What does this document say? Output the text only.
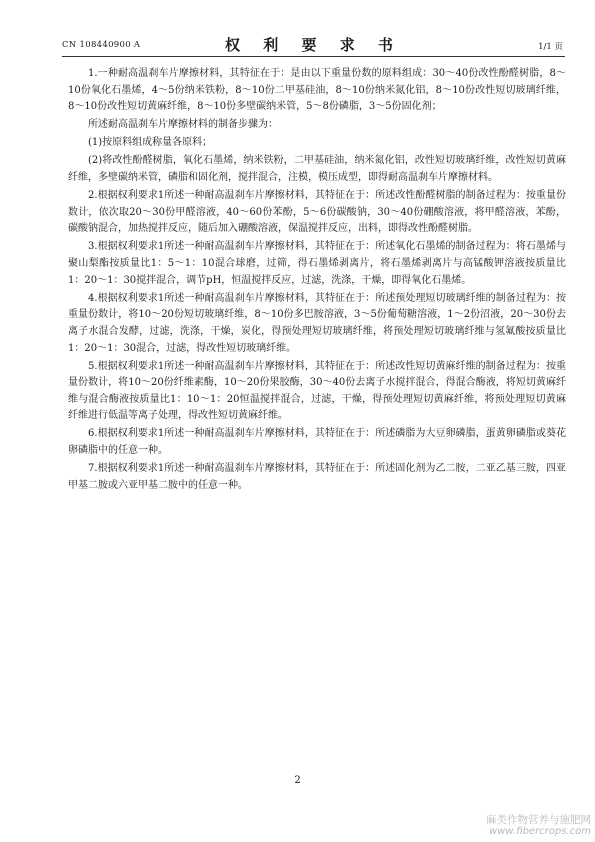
CN 108440900 A	权 利 要 求 书	1/1 页

1.一种耐高温刹车片摩擦材料，其特征在于：是由以下重量份数的原料组成：30～40份改性酚醛树脂，8～10份氧化石墨烯，4～5份纳米铁粉，8～10份二甲基硅油，8～10份纳米氮化铝，8～10份改性短切玻璃纤维，8～10份改性短切黄麻纤维，8～10份多壁碳纳米管，5～8份磷脂，3～5份固化剂；

所述耐高温刹车片摩擦材料的制备步骤为：

(1)按原料组成称量各原料；

(2)将改性酚醛树脂，氧化石墨烯，纳米铁粉，二甲基硅油，纳米氮化铝，改性短切玻璃纤维，改性短切黄麻纤维，多壁碳纳米管，磷脂和固化剂，搅拌混合，注模，模压成型，即得耐高温刹车片摩擦材料。

2.根据权利要求1所述一种耐高温刹车片摩擦材料，其特征在于：所述改性酚醛树脂的制备过程为：按重量份数计，依次取20～30份甲醛溶液，40～60份苯酚，5～6份碳酸钠，30～40份硼酸溶液，将甲醛溶液，苯酚，碳酸钠混合，加热搅拌反应，随后加入硼酸溶液，保温搅拌反应，出料，即得改性酚醛树脂。

3.根据权利要求1所述一种耐高温刹车片摩擦材料，其特征在于：所述氧化石墨烯的制备过程为：将石墨烯与聚山梨酯按质量比1：5～1：10混合球磨，过筛，得石墨烯剥离片，将石墨烯剥离片与高锰酸钾溶液按质量比1：20～1：30搅拌混合，调节pH，恒温搅拌反应，过滤，洗涤，干燥，即得氧化石墨烯。

4.根据权利要求1所述一种耐高温刹车片摩擦材料，其特征在于：所述预处理短切玻璃纤维的制备过程为：按重量份数计，将10～20份短切玻璃纤维，8～10份多巴胺溶液，3～5份葡萄糖溶液，1～2份沼液，20～30份去离子水混合发酵，过滤，洗涤，干燥，炭化，得预处理短切玻璃纤维，将预处理短切玻璃纤维与氢氟酸按质量比1：20～1：30混合，过滤，得改性短切玻璃纤维。

5.根据权利要求1所述一种耐高温刹车片摩擦材料，其特征在于：所述改性短切黄麻纤维的制备过程为：按重量份数计，将10～20份纤维素酶，10～20份果胶酶，30～40份去离子水搅拌混合，得混合酶液，将短切黄麻纤维与混合酶液按质量比1：10～1：20恒温搅拌混合，过滤，干燥，得预处理短切黄麻纤维，将预处理短切黄麻纤维进行低温等离子处理，得改性短切黄麻纤维。

6.根据权利要求1所述一种耐高温刹车片摩擦材料，其特征在于：所述磷脂为大豆卵磷脂，蛋黄卵磷脂或葵花卵磷脂中的任意一种。

7.根据权利要求1所述一种耐高温刹车片摩擦材料，其特征在于：所述固化剂为乙二胺，二亚乙基三胺，四亚甲基二胺或六亚甲基二胺中的任意一种。

2
麻类作物营养与施肥网
www.fibercrops.com
